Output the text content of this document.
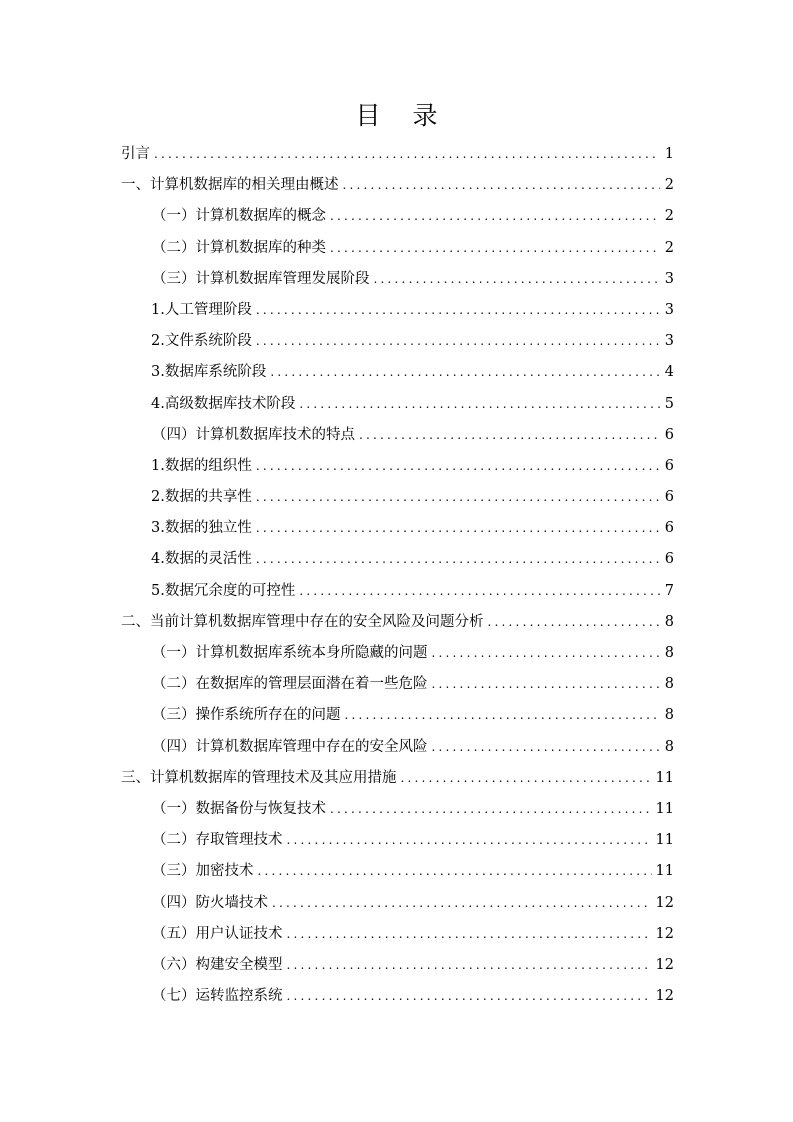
目 录
引言 .....	1
一、计算机数据库的相关理由概述 .....	2
（一）计算机数据库的概念 .....	2
（二）计算机数据库的种类 .....	2
（三）计算机数据库管理发展阶段 .....	3
1.人工管理阶段 .....	3
2.文件系统阶段 .....	3
3.数据库系统阶段 .....	4
4.高级数据库技术阶段 .....	5
（四）计算机数据库技术的特点 .....	6
1.数据的组织性 .....	6
2.数据的共享性 .....	6
3.数据的独立性 .....	6
4.数据的灵活性 .....	6
5.数据冗余度的可控性 .....	7
二、当前计算机数据库管理中存在的安全风险及问题分析 .....	8
（一）计算机数据库系统本身所隐藏的问题 .....	8
（二）在数据库的管理层面潜在着一些危险 .....	8
（三）操作系统所存在的问题 .....	8
（四）计算机数据库管理中存在的安全风险 .....	8
三、计算机数据库的管理技术及其应用措施 .....	11
（一）数据备份与恢复技术 .....	11
（二）存取管理技术 .....	11
（三）加密技术 .....	11
（四）防火墙技术 .....	12
（五）用户认证技术 .....	12
（六）构建安全模型 .....	12
（七）运转监控系统 .....	12
